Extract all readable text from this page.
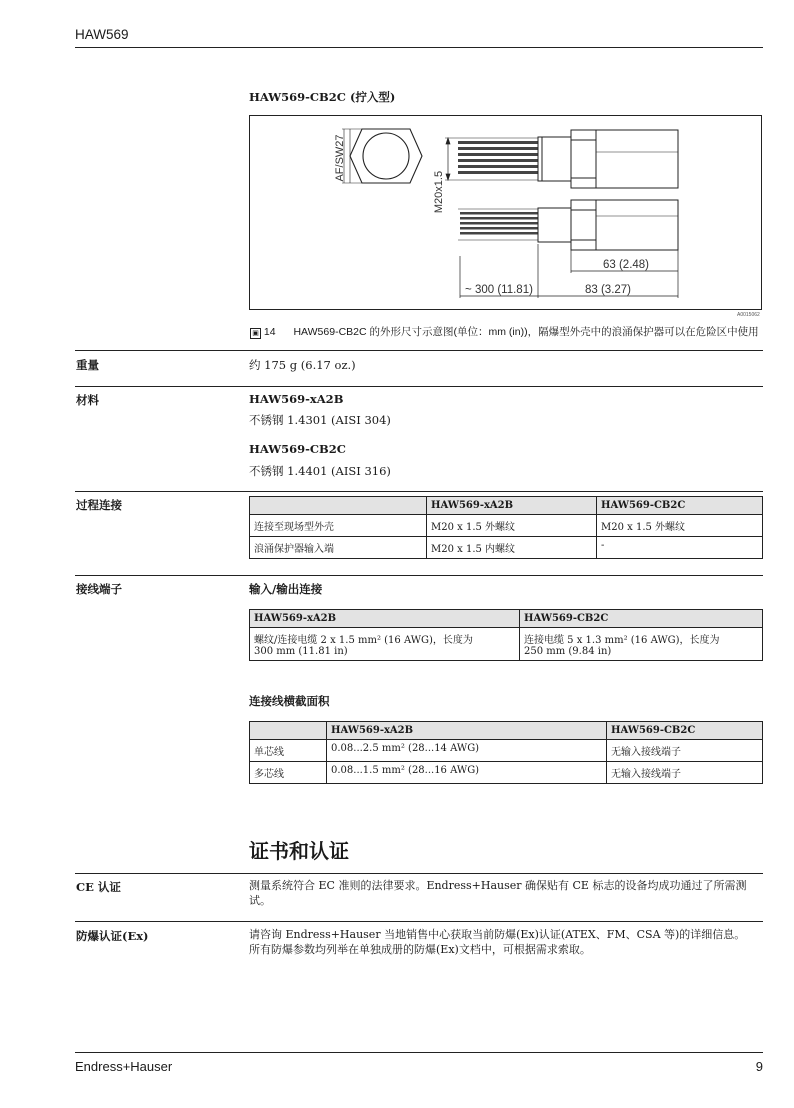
HAW569
HAW569-CB2C (拧入型)
AF/SW27
M20x1.5
63 (2.48)
~ 300 (11.81)	83 (3.27)
A0015062
▣ 14 HAW569-CB2C 的外形尺寸示意图(单位：mm (in))，隔爆型外壳中的浪涌保护器可以在危险区中使用
重量	约 175 g (6.17 oz.)
材料	HAW569-xA2B
不锈钢 1.4301 (AISI 304)
HAW569-CB2C
不锈钢 1.4401 (AISI 316)
过程连接
		HAW569-xA2B	HAW569-CB2C
连接至现场型外壳	M20 x 1.5 外螺纹	M20 x 1.5 外螺纹
浪涌保护器输入端	M20 x 1.5 内螺纹	-
接线端子	输入/输出连接
HAW569-xA2B	HAW569-CB2C
螺纹/连接电缆 2 x 1.5 mm² (16 AWG)，长度为
300 mm (11.81 in)	连接电缆 5 x 1.3 mm² (16 AWG)，长度为
250 mm (9.84 in)
连接线横截面积
	HAW569-xA2B	HAW569-CB2C
单芯线	0.08...2.5 mm² (28...14 AWG)	无输入接线端子
多芯线	0.08...1.5 mm² (28...16 AWG)	无输入接线端子
证书和认证
CE 认证	测量系统符合 EC 准则的法律要求。Endress+Hauser 确保贴有 CE 标志的设备均成功通过了所需测
试。
防爆认证(Ex)	请咨询 Endress+Hauser 当地销售中心获取当前防爆(Ex)认证(ATEX、FM、CSA 等)的详细信息。
所有防爆参数均列举在单独成册的防爆(Ex)文档中，可根据需求索取。
Endress+Hauser	9
